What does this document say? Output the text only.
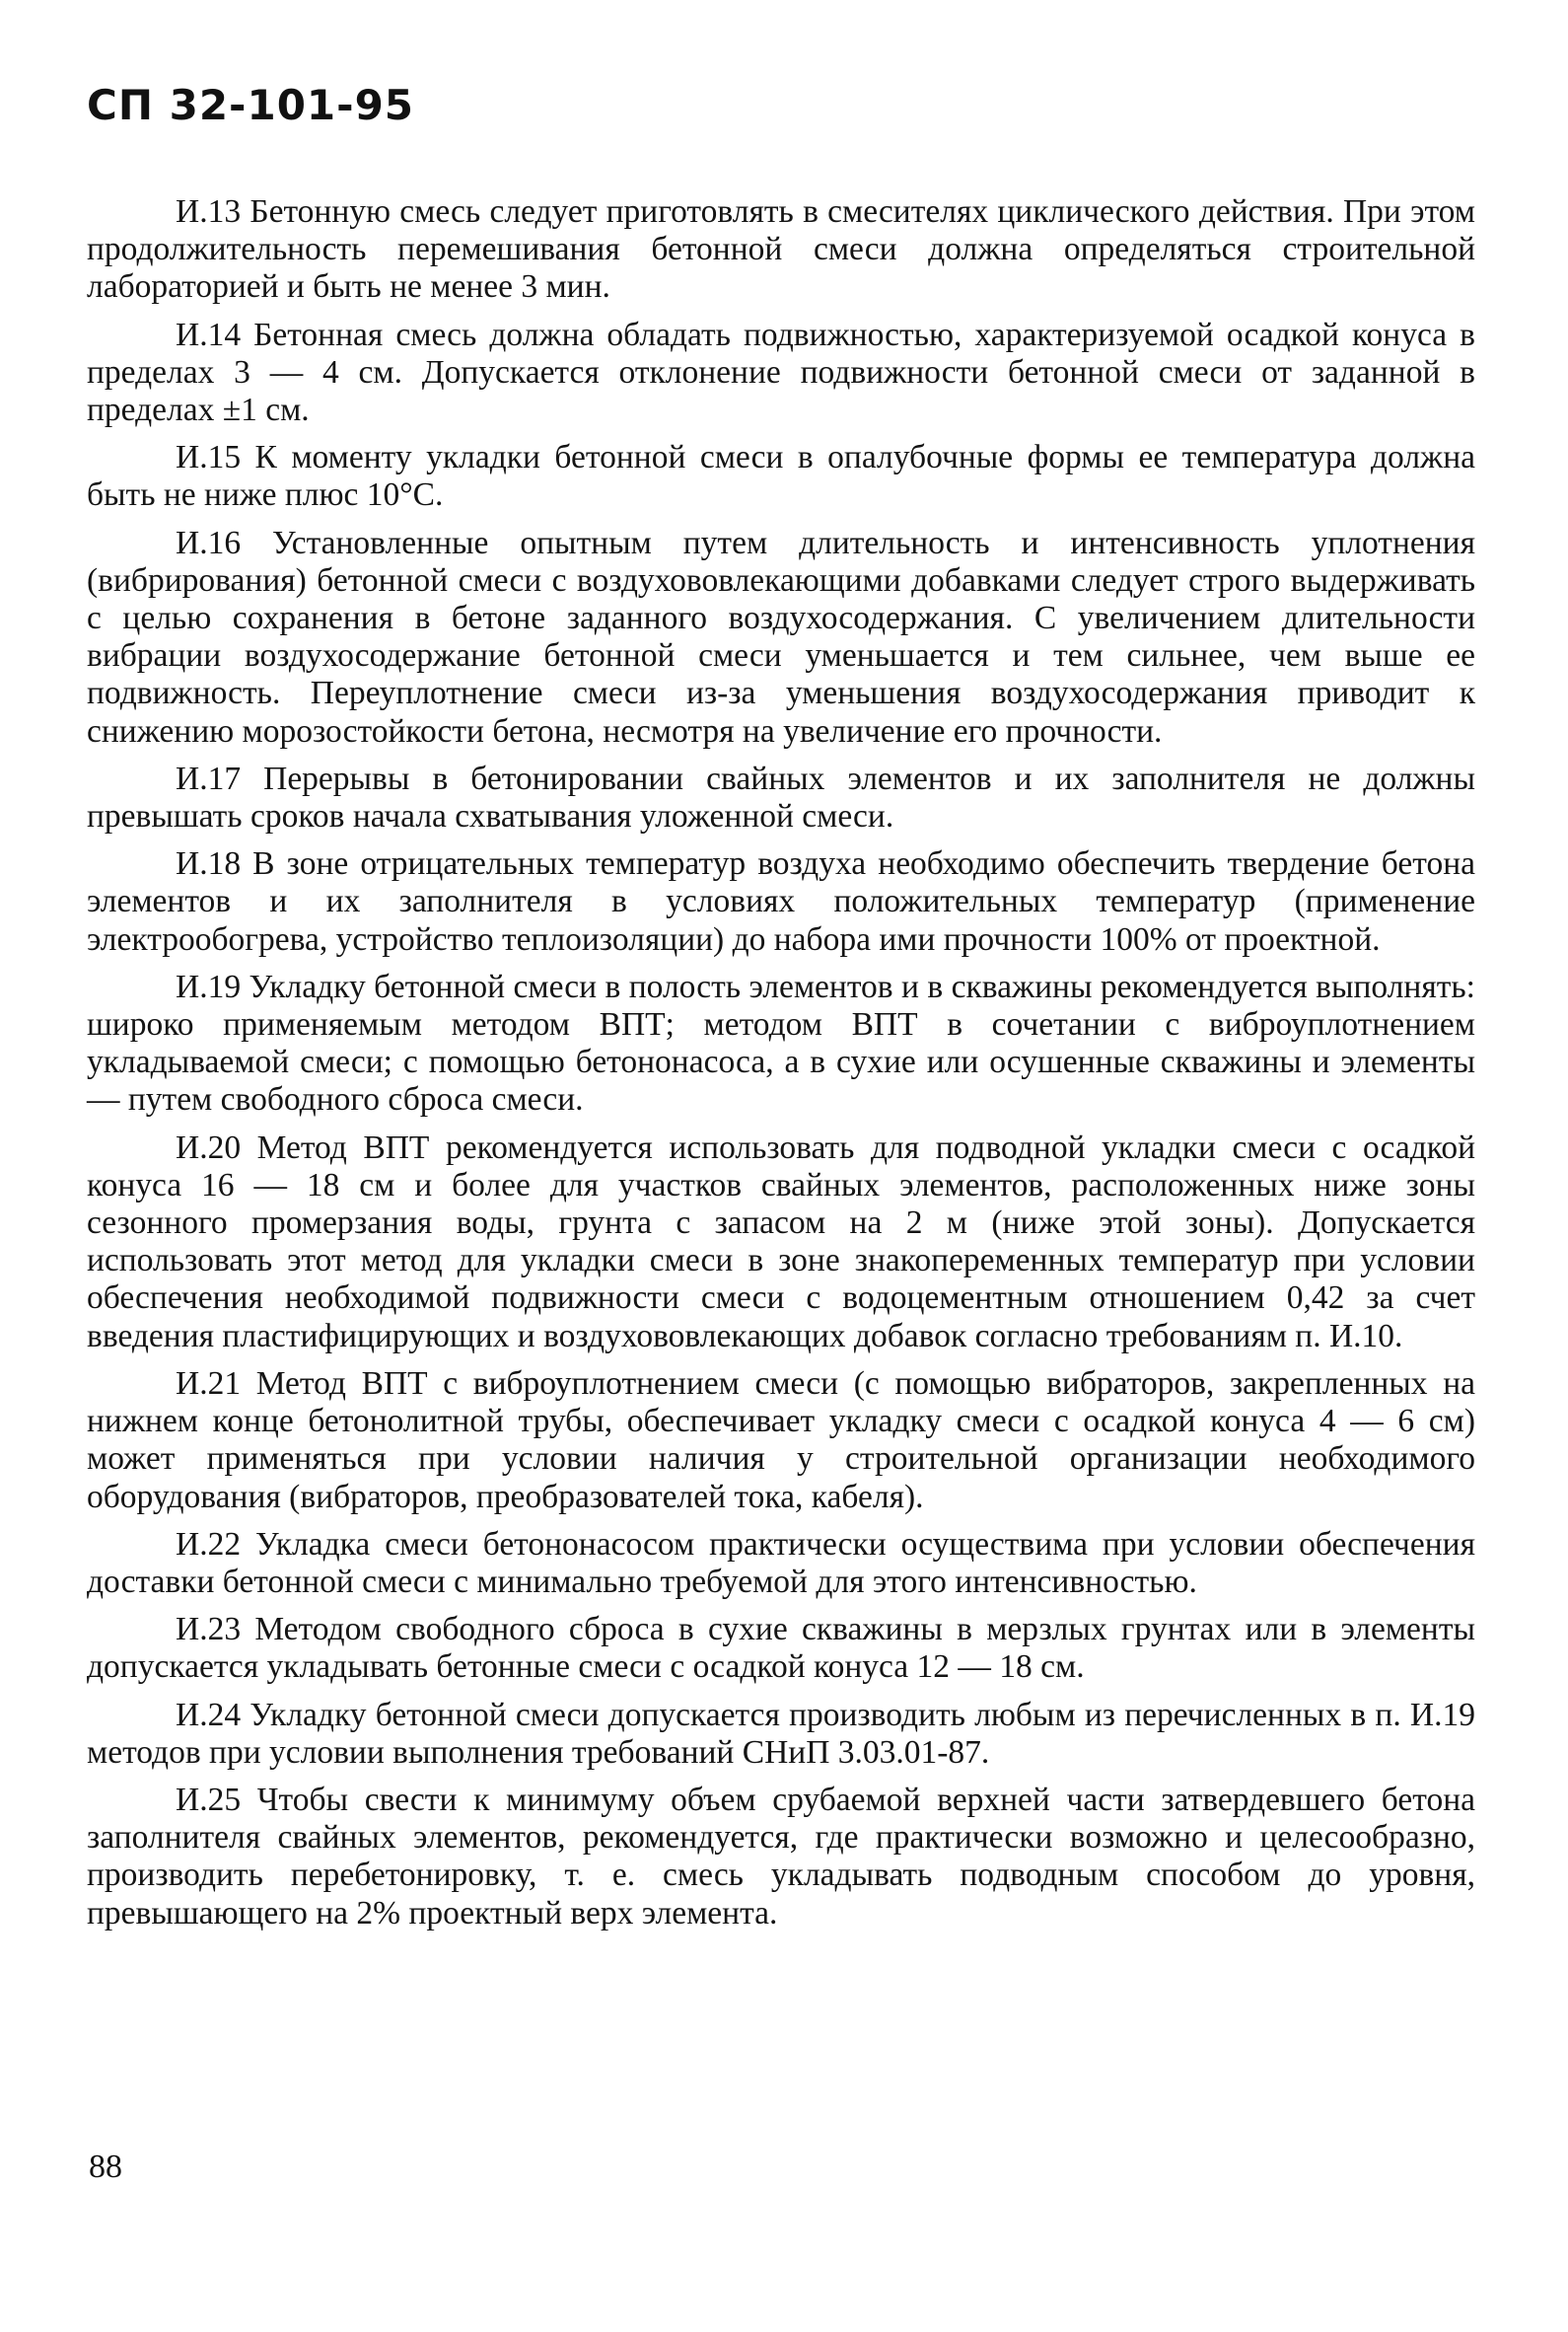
СП 32-101-95

И.13 Бетонную смесь следует приготовлять в смесителях циклического действия. При этом продолжительность перемешивания бетонной смеси должна определяться строительной лабораторией и быть не менее 3 мин.

И.14 Бетонная смесь должна обладать подвижностью, характеризуемой осадкой конуса в пределах 3 — 4 см. Допускается отклонение подвижности бетонной смеси от заданной в пределах ±1 см.

И.15 К моменту укладки бетонной смеси в опалубочные формы ее температура должна быть не ниже плюс 10°С.

И.16 Установленные опытным путем длительность и интенсивность уплотнения (вибрирования) бетонной смеси с воздухововлекающими добавками следует строго выдерживать с целью сохранения в бетоне заданного воздухосодержания. С увеличением длительности вибрации воздухосодержание бетонной смеси уменьшается и тем сильнее, чем выше ее подвижность. Переуплотнение смеси из-за уменьшения воздухосодержания приводит к снижению морозостойкости бетона, несмотря на увеличение его прочности.

И.17 Перерывы в бетонировании свайных элементов и их заполнителя не должны превышать сроков начала схватывания уложенной смеси.

И.18 В зоне отрицательных температур воздуха необходимо обеспечить твердение бетона элементов и их заполнителя в условиях положительных температур (применение электрообогрева, устройство теплоизоляции) до набора ими прочности 100% от проектной.

И.19 Укладку бетонной смеси в полость элементов и в скважины рекомендуется выполнять: широко применяемым методом ВПТ; методом ВПТ в сочетании с виброуплотнением укладываемой смеси; с помощью бетононасоса, а в сухие или осушенные скважины и элементы — путем свободного сброса смеси.

И.20 Метод ВПТ рекомендуется использовать для подводной укладки смеси с осадкой конуса 16 — 18 см и более для участков свайных элементов, расположенных ниже зоны сезонного промерзания воды, грунта с запасом на 2 м (ниже этой зоны). Допускается использовать этот метод для укладки смеси в зоне знакопеременных температур при условии обеспечения необходимой подвижности смеси с водоцементным отношением 0,42 за счет введения пластифицирующих и воздухововлекающих добавок согласно требованиям п. И.10.

И.21 Метод ВПТ с виброуплотнением смеси (с помощью вибраторов, закрепленных на нижнем конце бетонолитной трубы, обеспечивает укладку смеси с осадкой конуса 4 — 6 см) может применяться при условии наличия у строительной организации необходимого оборудования (вибраторов, преобразователей тока, кабеля).

И.22 Укладка смеси бетононасосом практически осуществима при условии обеспечения доставки бетонной смеси с минимально требуемой для этого интенсивностью.

И.23 Методом свободного сброса в сухие скважины в мерзлых грунтах или в элементы допускается укладывать бетонные смеси с осадкой конуса 12 — 18 см.

И.24 Укладку бетонной смеси допускается производить любым из перечисленных в п. И.19 методов при условии выполнения требований СНиП 3.03.01-87.

И.25 Чтобы свести к минимуму объем срубаемой верхней части затвердевшего бетона заполнителя свайных элементов, рекомендуется, где практически возможно и целесообразно, производить перебетонировку, т. е. смесь укладывать подводным способом до уровня, превышающего на 2% проектный верх элемента.

88
